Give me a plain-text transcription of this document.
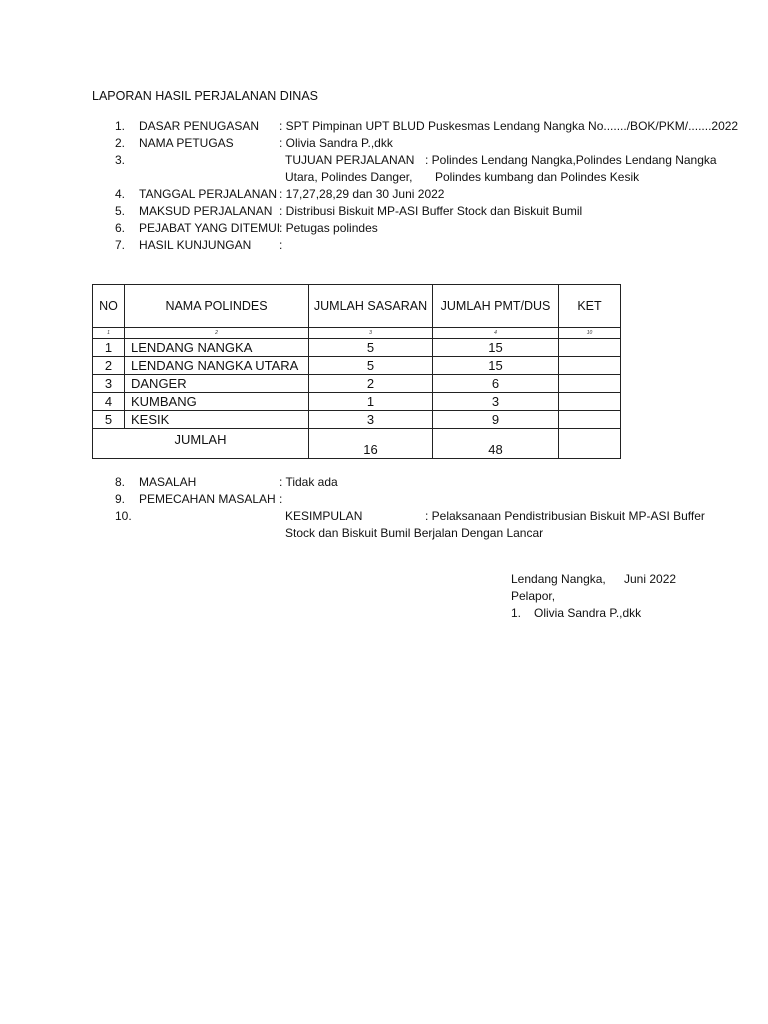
LAPORAN HASIL PERJALANAN DINAS
1. DASAR PENUGASAN : SPT Pimpinan UPT BLUD Puskesmas Lendang Nangka No......./BOK/PKM/.......2022
2. NAMA PETUGAS	: Olivia Sandra P.,dkk
3.	TUJUAN PERJALANAN : Polindes Lendang Nangka,Polindes Lendang Nangka
Utara, Polindes Danger, Polindes kumbang dan Polindes Kesik
4. TANGGAL PERJALANAN : 17,27,28,29 dan 30 Juni 2022
5. MAKSUD PERJALANAN : Distribusi Biskuit MP-ASI Buffer Stock dan Biskuit Bumil
6. PEJABAT YANG DITEMUI
: Petugas polindes
7. HASIL KUNJUNGAN :
NO	NAMA POLINDES	JUMLAH SASARAN	JUMLAH PMT/DUS	KET
1	2	3	4	10
1	LENDANG NANGKA	5	15	
2	LENDANG NANGKA UTARA	5	15	
3	DANGER	2	6	
4	KUMBANG	1	3	
5	KESIK	3	9	
JUMLAH		16	48	
8. MASALAH	: Tidak ada
9. PEMECAHAN MASALAH :
10.	KESIMPULAN	: Pelaksanaan Pendistribusian Biskuit MP-ASI Buffer
Stock dan Biskuit Bumil Berjalan Dengan Lancar
Lendang Nangka, Juni 2022
Pelapor,
1. Olivia Sandra P.,dkk
